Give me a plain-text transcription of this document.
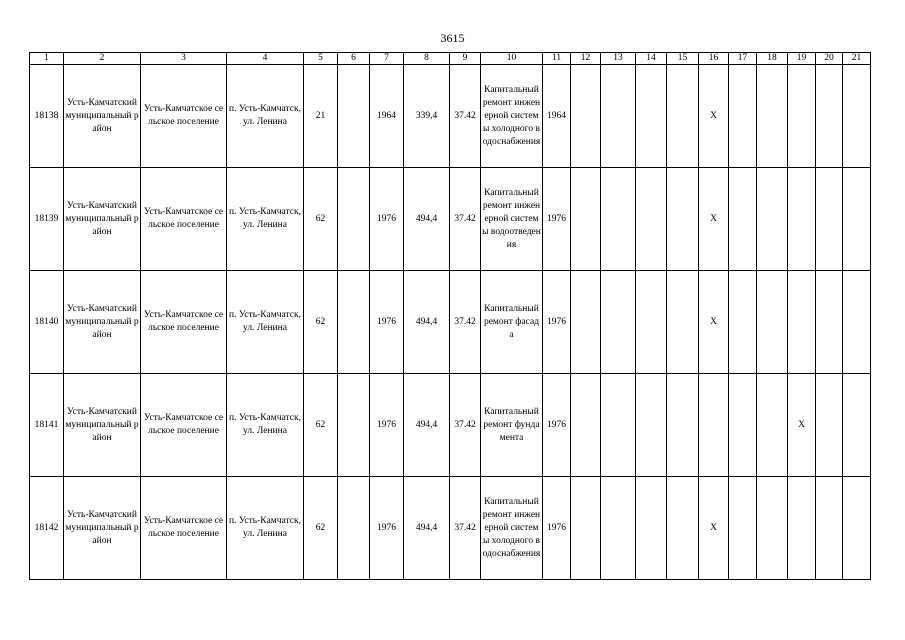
3615
1	2	3	4	5	6	7	8	9	10	11	12	13	14	15	16	17	18	19	20	21
18138	Усть-Камчатский муниципальный район	Усть-Камчатское сельское поселение	п. Усть-Камчатск, ул. Ленина	21		1964	339,4	37.42	Капитальный ремонт инженерной системы холодного водоснабжения	1964					X					
18139	Усть-Камчатский муниципальный район	Усть-Камчатское сельское поселение	п. Усть-Камчатск, ул. Ленина	62		1976	494,4	37.42	Капитальный ремонт инженерной системы водоотведения	1976					X					
18140	Усть-Камчатский муниципальный район	Усть-Камчатское сельское поселение	п. Усть-Камчатск, ул. Ленина	62		1976	494,4	37.42	Капитальный ремонт фасада	1976					X					
18141	Усть-Камчатский муниципальный район	Усть-Камчатское сельское поселение	п. Усть-Камчатск, ул. Ленина	62		1976	494,4	37.42	Капитальный ремонт фундамента	1976								X		
18142	Усть-Камчатский муниципальный район	Усть-Камчатское сельское поселение	п. Усть-Камчатск, ул. Ленина	62		1976	494,4	37.42	Капитальный ремонт инженерной системы холодного водоснабжения	1976					X					
